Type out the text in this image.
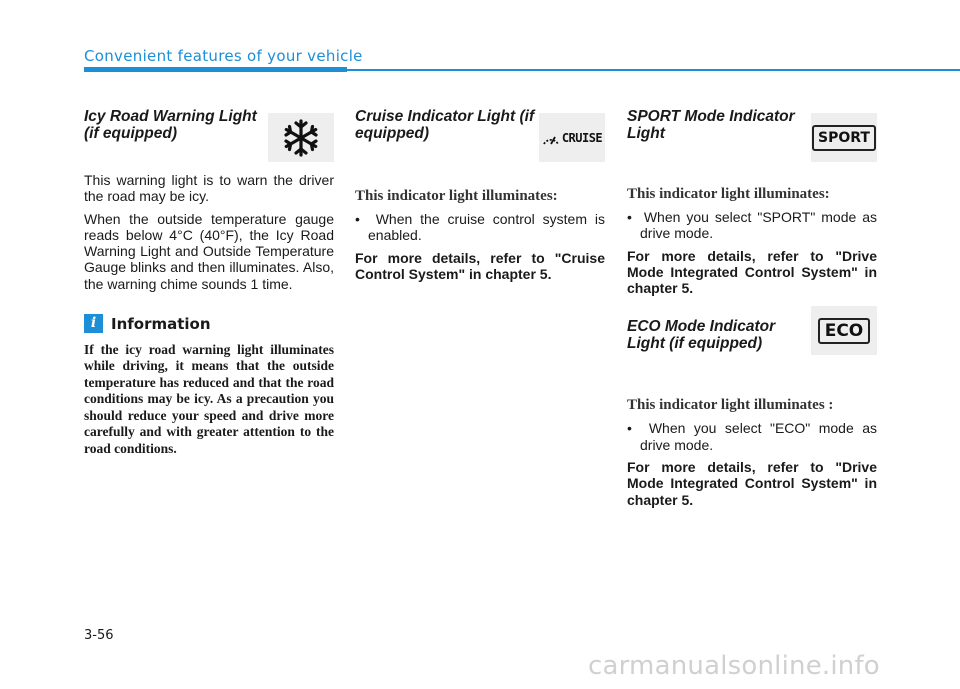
Convenient features of your vehicle
Icy Road Warning Light (if equipped)

This warning light is to warn the driver the road may be icy.

When the outside temperature gauge reads below 4°C (40°F), the Icy Road Warning Light and Outside Temperature Gauge blinks and then illuminates. Also, the warning chime sounds 1 time.

i Information

If the icy road warning light illuminates while driving, it means that the outside temperature has reduced and that the road conditions may be icy. As a precaution you should reduce your speed and drive more carefully and with greater attention to the road conditions.

Cruise Indicator Light (if equipped)	CRUISE

This indicator light illuminates:

•  When the cruise control system is enabled.

For more details, refer to "Cruise Control System" in chapter 5.

SPORT Mode Indicator Light	SPORT

This indicator light illuminates:

•  When you select "SPORT" mode as drive mode.

For more details, refer to "Drive Mode Integrated Control System" in chapter 5.

ECO Mode Indicator Light (if equipped)
ECO

This indicator light illuminates :

•  When you select "ECO" mode as drive mode.

For more details, refer to "Drive Mode Integrated Control System" in chapter 5.

3-56
carmanualsonline.info
